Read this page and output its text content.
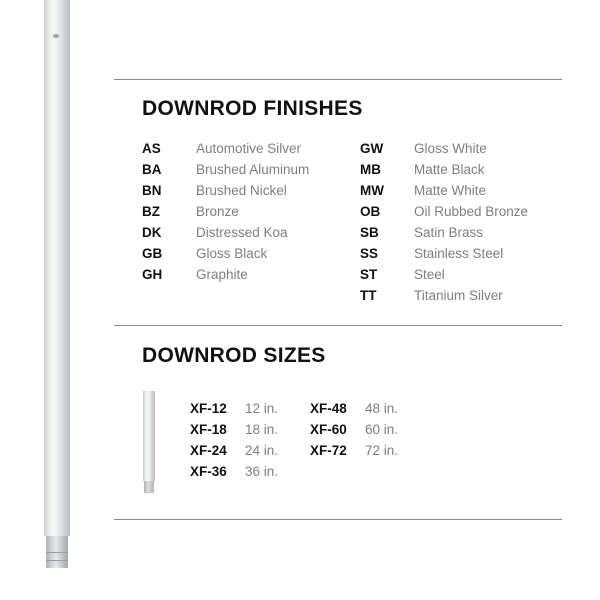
DOWNROD FINISHES
AS	Automotive Silver
BA	Brushed Aluminum
BN	Brushed Nickel
BZ	Bronze
DK	Distressed Koa
GB	Gloss Black
GH	Graphite
GW Gloss White
MB Matte Black
MW Matte White
OB	Oil Rubbed Bronze
SB	Satin Brass
SS	Stainless Steel
ST	Steel
TT	Titanium Silver
DOWNROD SIZES
XF-12 12 in.
XF-18 18 in.
XF-24 24 in.
XF-36 36 in.
XF-48 48 in.
XF-60 60 in.
XF-72 72 in.
